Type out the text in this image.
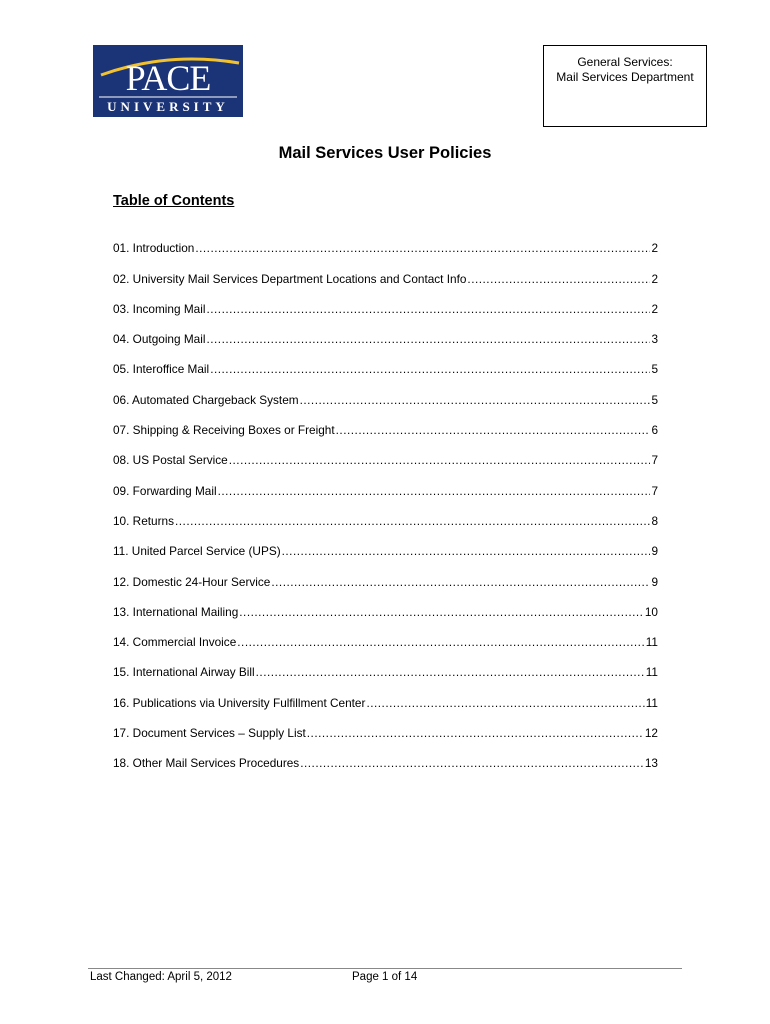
PACE
UNIVERSITY
General Services:
Mail Services Department
Mail Services User Policies
Table of Contents
01. Introduction .....	2
02. University Mail Services Department Locations and Contact Info .....	2
03. Incoming Mail .....	2
04. Outgoing Mail .....	3
05. Interoffice Mail .....	5
06. Automated Chargeback System .....	5
07. Shipping & Receiving Boxes or Freight .....	6
08. US Postal Service .....	7
09. Forwarding Mail .....	7
10. Returns .....	8
11. United Parcel Service (UPS) .....	9
12. Domestic 24-Hour Service .....	9
13. International Mailing .....	10
14. Commercial Invoice .....	11
15. International Airway Bill .....	11
16. Publications via University Fulfillment Center .....	11
17. Document Services – Supply List .....	12
18. Other Mail Services Procedures .....	13
Last Changed: April 5, 2012	Page 1 of 14
